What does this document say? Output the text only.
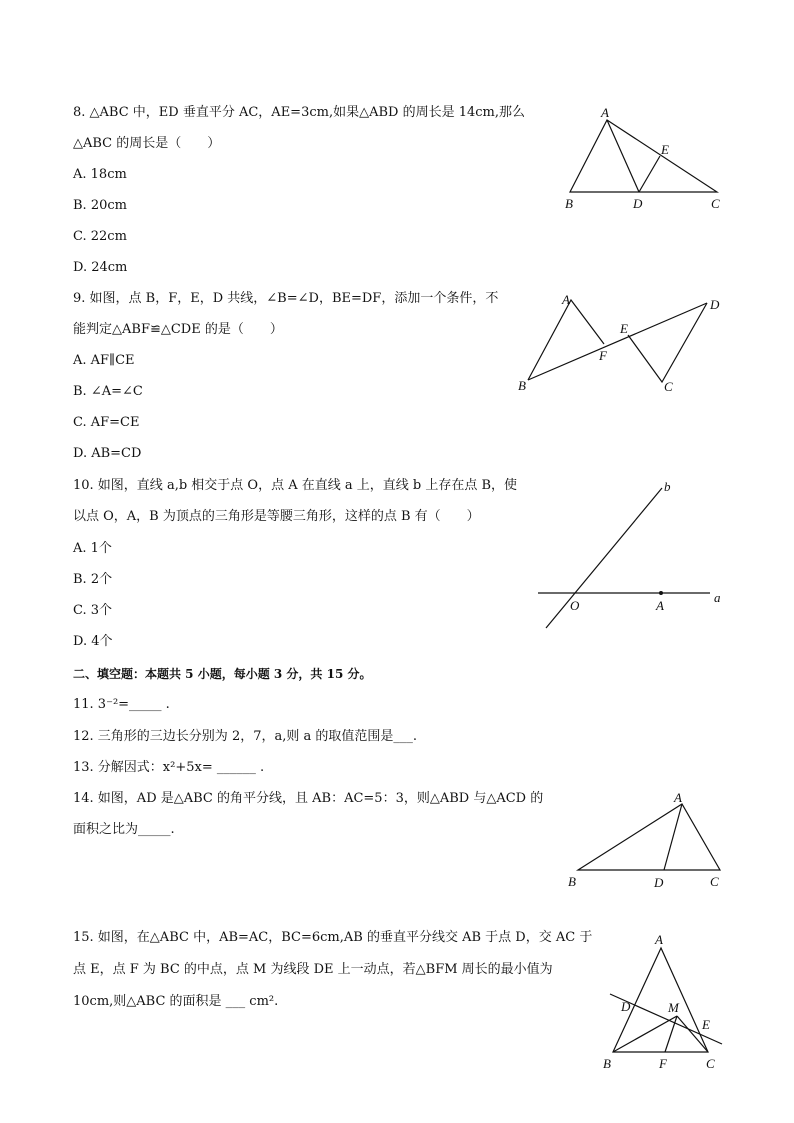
8. △ABC 中，ED 垂直平分 AC，AE=3cm,如果△ABD 的周长是 14cm,那么
△ABC 的周长是（　　）
A. 18cm
B. 20cm
C. 22cm
D. 24cm
A
B	D	C
E
9. 如图，点 B，F，E，D 共线，∠B=∠D，BE=DF，添加一个条件，不
能判定△ABF≌△CDE 的是（　　）
A. AF∥CE
B. ∠A=∠C
C. AF=CE
D. AB=CD
A
B
F
E
D
C
10. 如图，直线 a,b 相交于点 O，点 A 在直线 a 上，直线 b 上存在点 B，使
以点 O，A，B 为顶点的三角形是等腰三角形，这样的点 B 有（　　）
A. 1个
B. 2个
C. 3个
D. 4个
O	A
a
b
二、填空题：本题共 5 小题，每小题 3 分，共 15 分。
11. 3⁻²=_____ .
12. 三角形的三边长分别为 2，7，a,则 a 的取值范围是___.
13. 分解因式：x²+5x= ______ .
14. 如图，AD 是△ABC 的角平分线，且 AB：AC=5：3，则△ABD 与△ACD 的
面积之比为_____.
A
B	D	C
15. 如图，在△ABC 中，AB=AC，BC=6cm,AB 的垂直平分线交 AB 于点 D，交 AC 于
点 E，点 F 为 BC 的中点，点 M 为线段 DE 上一动点，若△BFM 周长的最小值为
10cm,则△ABC 的面积是 ___ cm².
A
D	M
E
B	F	C
